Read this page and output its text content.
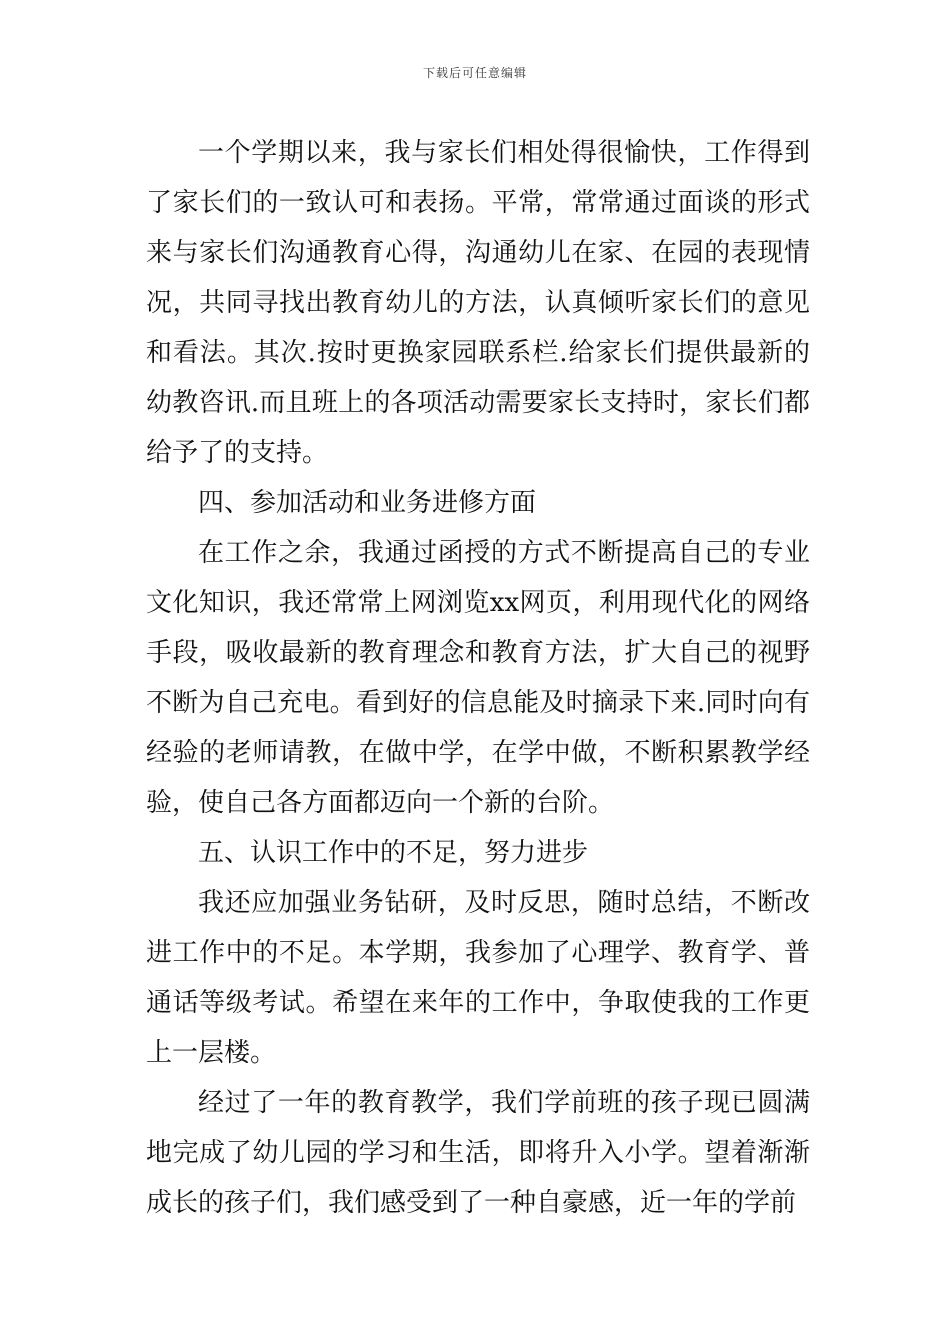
下载后可任意编辑

一个学期以来，我与家长们相处得很愉快，工作得到了家长们的一致认可和表扬。平常，常常通过面谈的形式来与家长们沟通教育心得，沟通幼儿在家、在园的表现情况，共同寻找出教育幼儿的方法，认真倾听家长们的意见和看法。其次.按时更换家园联系栏.给家长们提供最新的幼教咨讯.而且班上的各项活动需要家长支持时，家长们都给予了的支持。

四、参加活动和业务进修方面

在工作之余，我通过函授的方式不断提高自己的专业文化知识，我还常常上网浏览xx网页，利用现代化的网络手段，吸收最新的教育理念和教育方法，扩大自己的视野不断为自己充电。看到好的信息能及时摘录下来.同时向有经验的老师请教，在做中学，在学中做，不断积累教学经验，使自己各方面都迈向一个新的台阶。

五、认识工作中的不足，努力进步

我还应加强业务钻研，及时反思，随时总结，不断改进工作中的不足。本学期，我参加了心理学、教育学、普通话等级考试。希望在来年的工作中，争取使我的工作更上一层楼。

经过了一年的教育教学，我们学前班的孩子现已圆满地完成了幼儿园的学习和生活，即将升入小学。望着渐渐成长的孩子们，我们感受到了一种自豪感，近一年的学前
